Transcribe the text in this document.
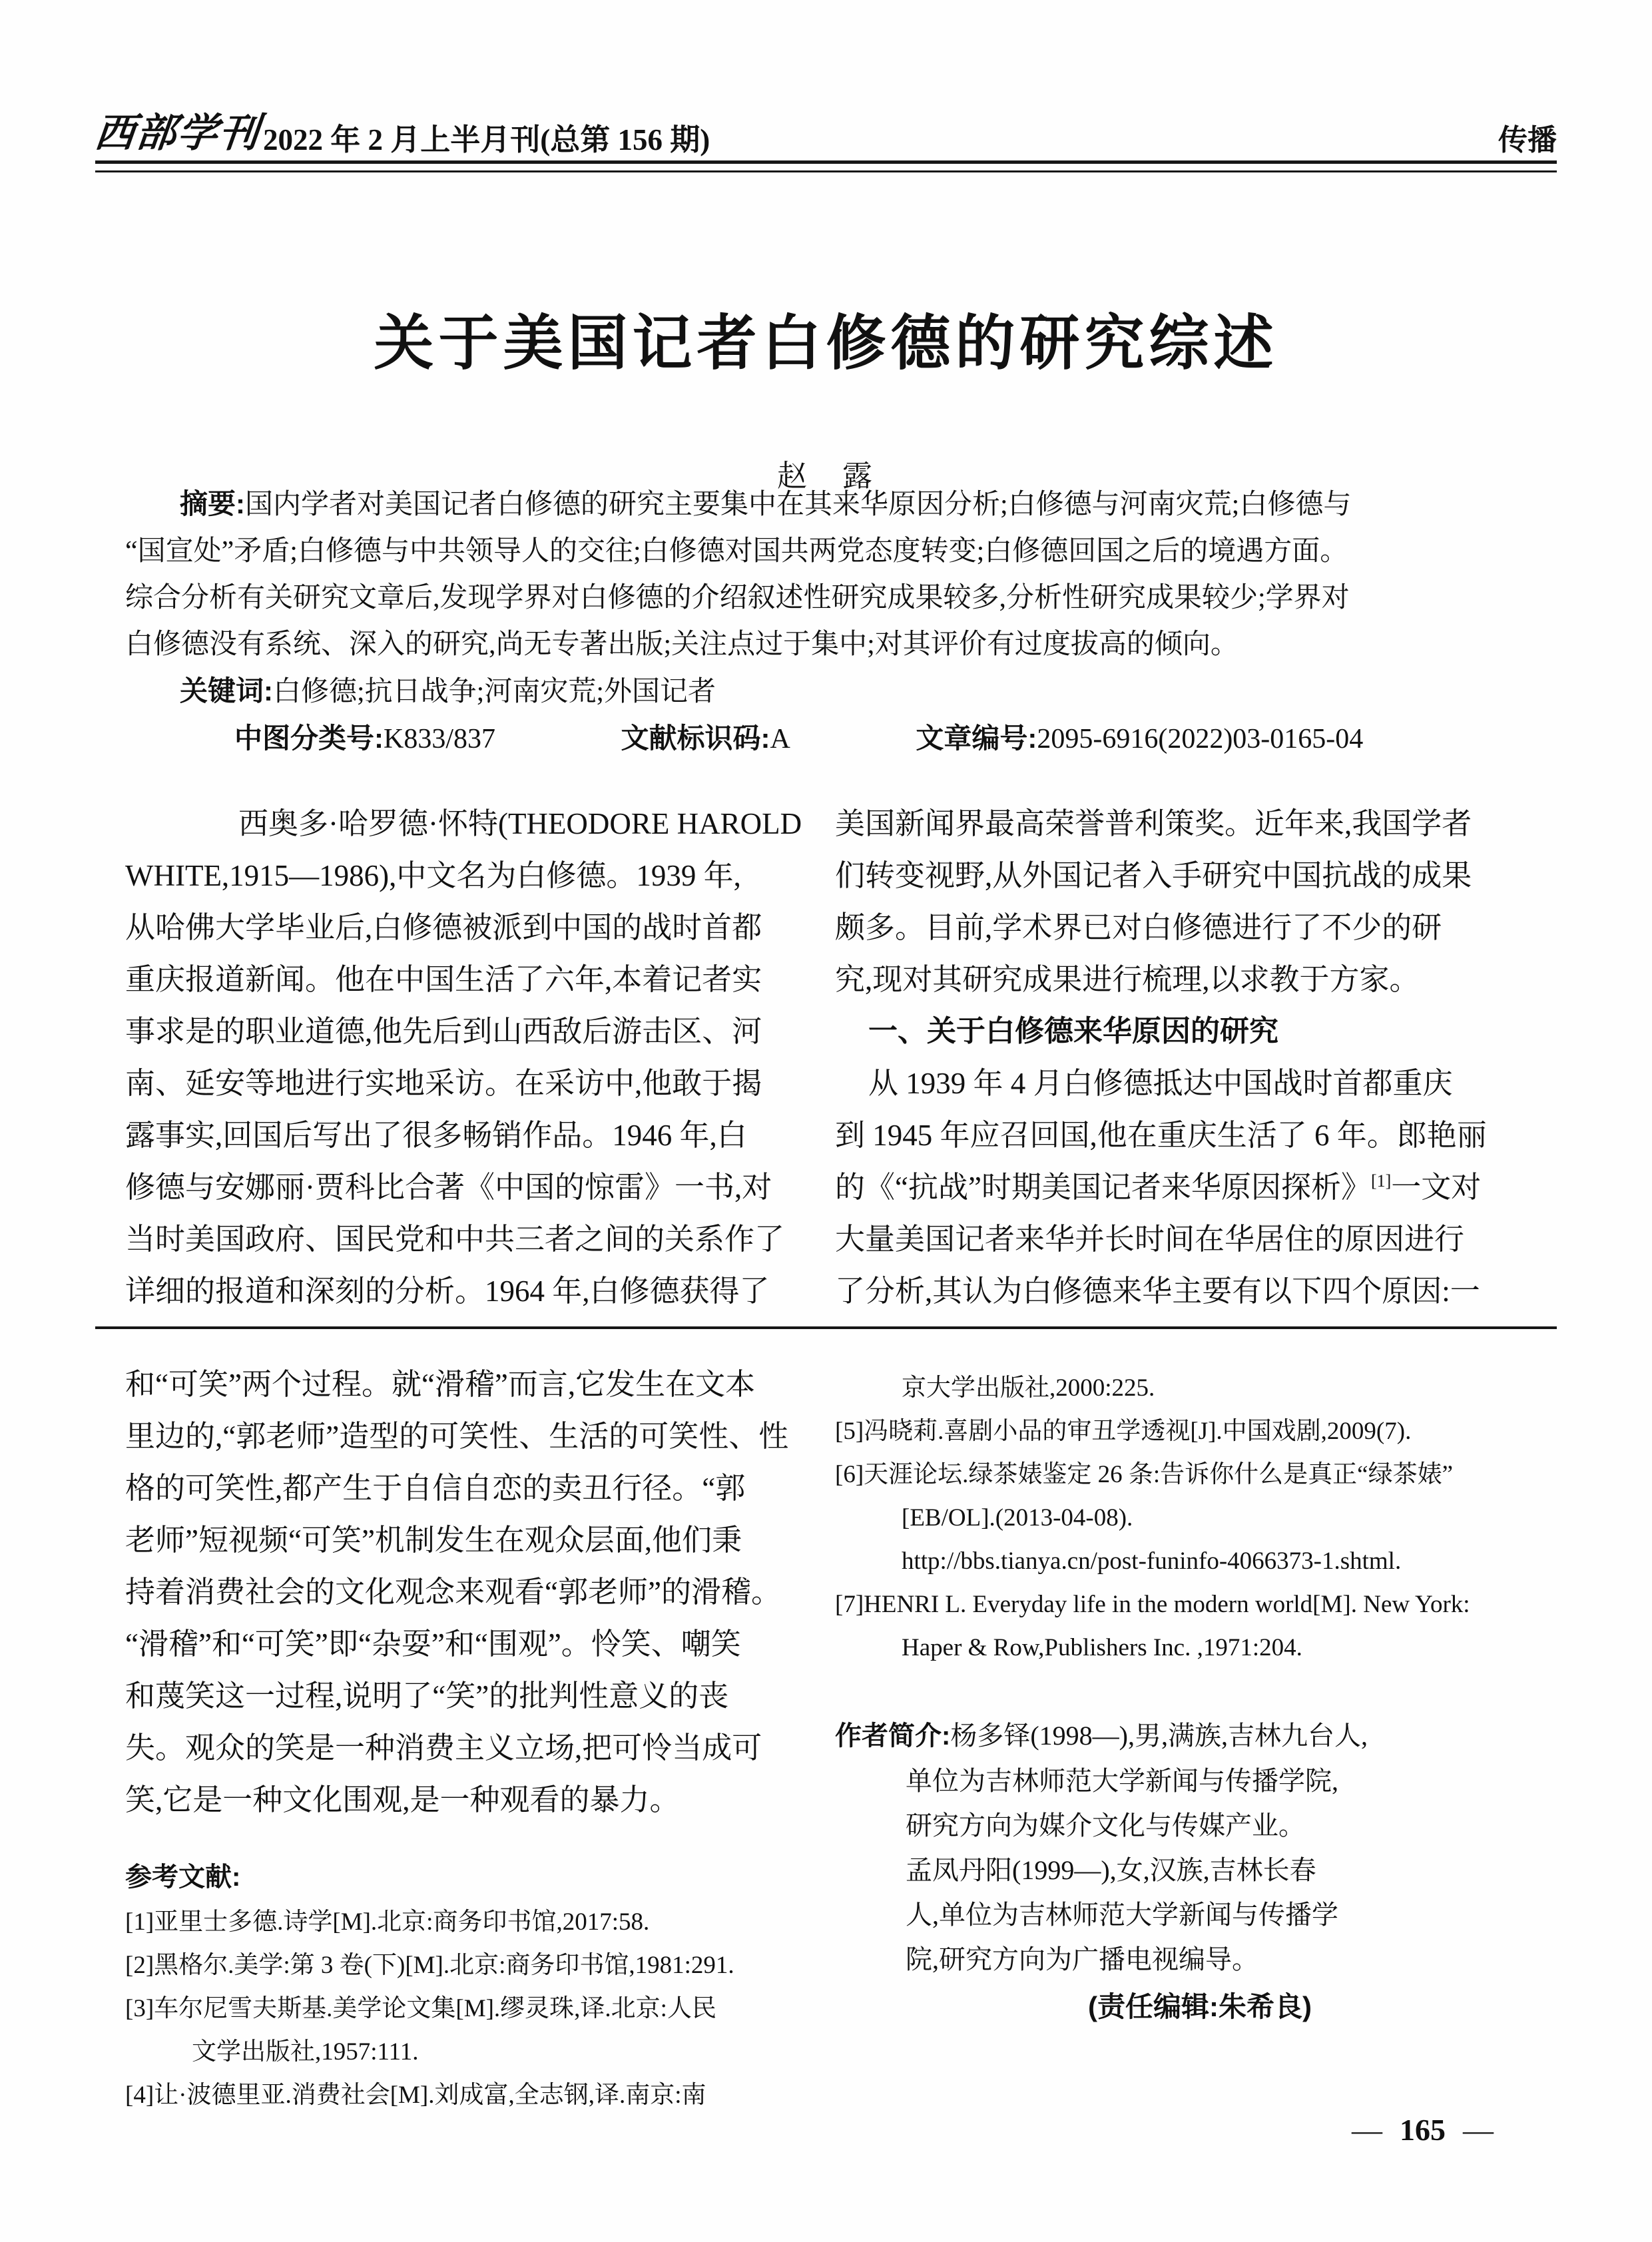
西部学刊 2022 年 2 月上半月刊(总第 156 期)	传播
关于美国记者白修德的研究综述
赵　露
摘要:国内学者对美国记者白修德的研究主要集中在其来华原因分析;白修德与河南灾荒;白修德与
“国宣处”矛盾;白修德与中共领导人的交往;白修德对国共两党态度转变;白修德回国之后的境遇方面。
综合分析有关研究文章后,发现学界对白修德的介绍叙述性研究成果较多,分析性研究成果较少;学界对
白修德没有系统、深入的研究,尚无专著出版;关注点过于集中;对其评价有过度拔高的倾向。
关键词:白修德;抗日战争;河南灾荒;外国记者
中图分类号:K833/837	文献标识码:A	文章编号:2095-6916(2022)03-0165-04
西奥多·哈罗德·怀特(THEODORE HAROLD
WHITE,1915—1986),中文名为白修德。1939 年,
从哈佛大学毕业后,白修德被派到中国的战时首都
重庆报道新闻。他在中国生活了六年,本着记者实
事求是的职业道德,他先后到山西敌后游击区、河
南、延安等地进行实地采访。在采访中,他敢于揭
露事实,回国后写出了很多畅销作品。1946 年,白
修德与安娜丽·贾科比合著《中国的惊雷》一书,对
当时美国政府、国民党和中共三者之间的关系作了
详细的报道和深刻的分析。1964 年,白修德获得了
美国新闻界最高荣誉普利策奖。近年来,我国学者
们转变视野,从外国记者入手研究中国抗战的成果
颇多。目前,学术界已对白修德进行了不少的研
究,现对其研究成果进行梳理,以求教于方家。
一、关于白修德来华原因的研究
从 1939 年 4 月白修德抵达中国战时首都重庆
到 1945 年应召回国,他在重庆生活了 6 年。郎艳丽
的《“抗战”时期美国记者来华原因探析》[1]一文对
大量美国记者来华并长时间在华居住的原因进行
了分析,其认为白修德来华主要有以下四个原因:一
和“可笑”两个过程。就“滑稽”而言,它发生在文本
里边的,“郭老师”造型的可笑性、生活的可笑性、性
格的可笑性,都产生于自信自恋的卖丑行径。“郭
老师”短视频“可笑”机制发生在观众层面,他们秉
持着消费社会的文化观念来观看“郭老师”的滑稽。
“滑稽”和“可笑”即“杂耍”和“围观”。怜笑、嘲笑
和蔑笑这一过程,说明了“笑”的批判性意义的丧
失。观众的笑是一种消费主义立场,把可怜当成可
笑,它是一种文化围观,是一种观看的暴力。
参考文献:
[1]亚里士多德.诗学[M].北京:商务印书馆,2017:58.
[2]黑格尔.美学:第 3 卷(下)[M].北京:商务印书馆,1981:291.
[3]车尔尼雪夫斯基.美学论文集[M].缪灵珠,译.北京:人民
文学出版社,1957:111.
[4]让·波德里亚.消费社会[M].刘成富,全志钢,译.南京:南
京大学出版社,2000:225.
[5]冯晓莉.喜剧小品的审丑学透视[J].中国戏剧,2009(7).
[6]天涯论坛.绿茶婊鉴定 26 条:告诉你什么是真正“绿茶婊”
[EB/OL].(2013-04-08).
http://bbs.tianya.cn/post-funinfo-4066373-1.shtml.
[7]HENRI L. Everyday life in the modern world[M]. New York:
Haper & Row,Publishers Inc. ,1971:204.
作者简介:杨多铎(1998—),男,满族,吉林九台人,
单位为吉林师范大学新闻与传播学院,
研究方向为媒介文化与传媒产业。
孟凤丹阳(1999—),女,汉族,吉林长春
人,单位为吉林师范大学新闻与传播学
院,研究方向为广播电视编导。
(责任编辑:朱希良)
— 165 —
